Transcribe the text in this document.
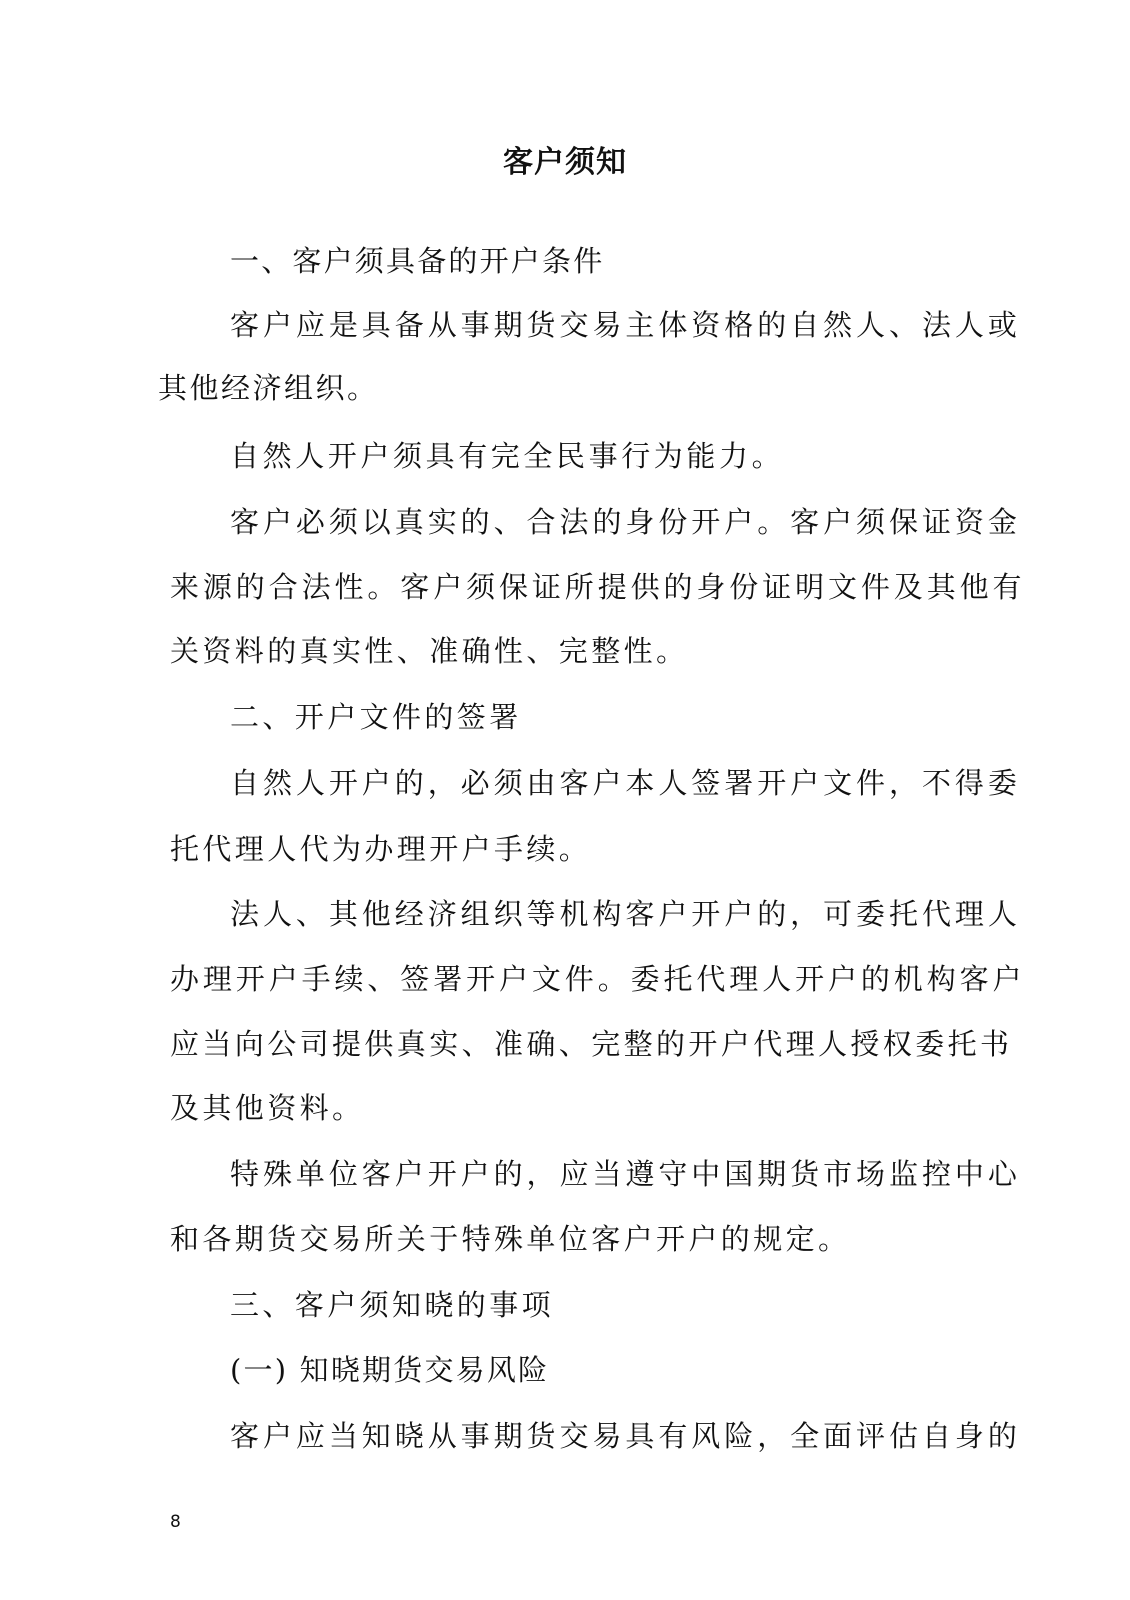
客户须知
一、客户须具备的开户条件
客户应是具备从事期货交易主体资格的自然人、法人或
其他经济组织。
自然人开户须具有完全民事行为能力。
客户必须以真实的、合法的身份开户。客户须保证资金
来源的合法性。客户须保证所提供的身份证明文件及其他有
关资料的真实性、准确性、完整性。
二、开户文件的签署
自然人开户的，必须由客户本人签署开户文件，不得委
托代理人代为办理开户手续。
法人、其他经济组织等机构客户开户的，可委托代理人
办理开户手续、签署开户文件。委托代理人开户的机构客户
应当向公司提供真实、准确、完整的开户代理人授权委托书
及其他资料。
特殊单位客户开户的，应当遵守中国期货市场监控中心
和各期货交易所关于特殊单位客户开户的规定。
三、客户须知晓的事项
(一) 知晓期货交易风险
客户应当知晓从事期货交易具有风险，全面评估自身的
8
